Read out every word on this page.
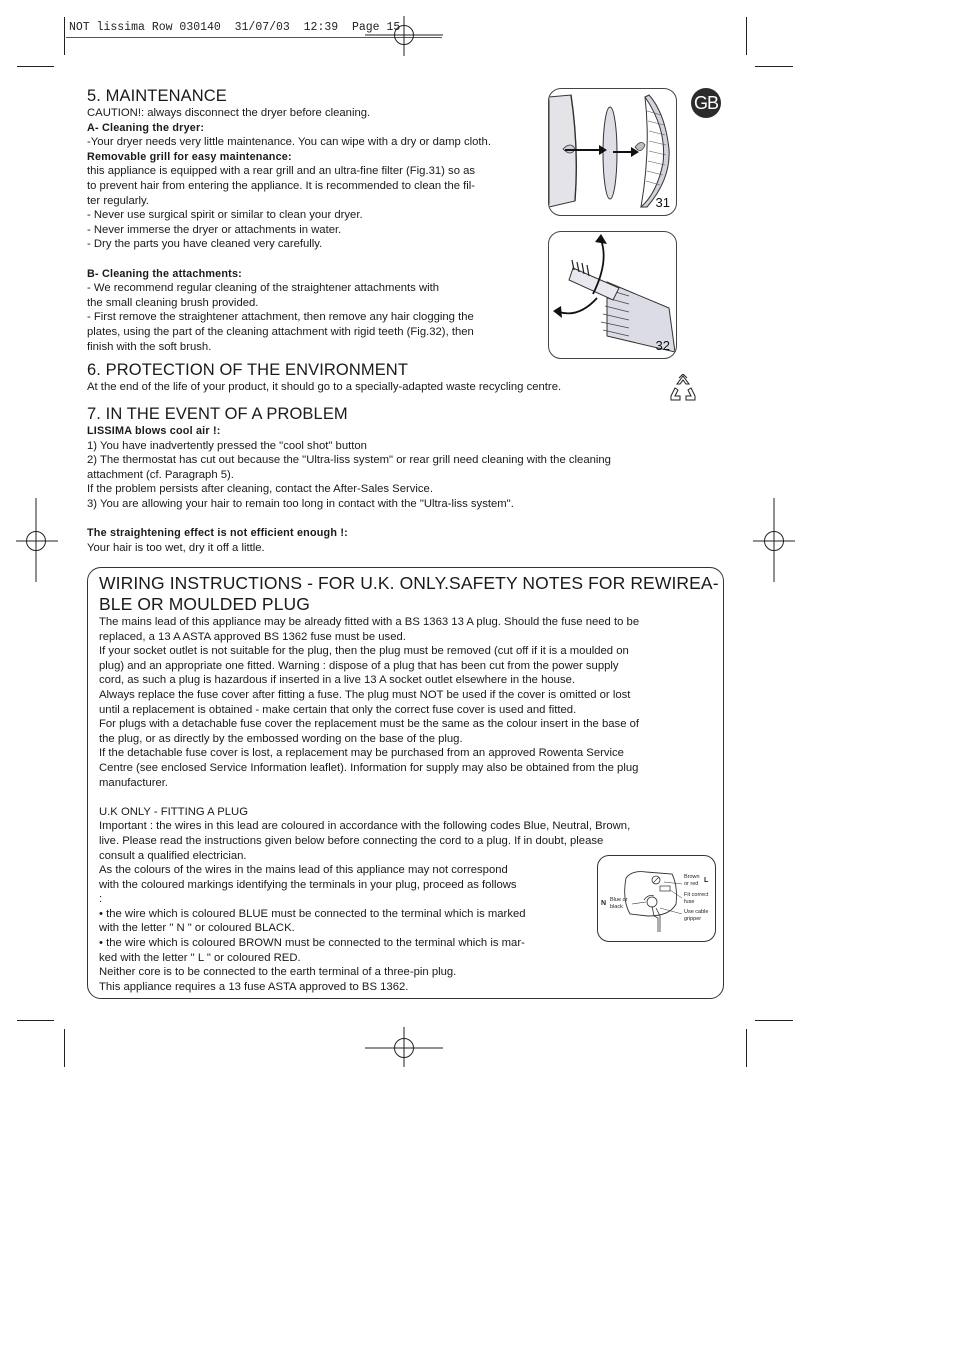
NOT lissima Row 030140  31/07/03  12:39  Page 15
GB

5. MAINTENANCE

CAUTION!: always disconnect the dryer before cleaning.

A- Cleaning the dryer:

-Your dryer needs very little maintenance. You can wipe with a dry or damp cloth.

Removable grill for easy maintenance:

this appliance is equipped with a rear grill and an ultra-fine filter (Fig.31) so as

to prevent hair from entering the appliance. It is recommended to clean the fil-

ter regularly.

- Never use surgical spirit or similar to clean your dryer.

- Never immerse the dryer or attachments in water.

- Dry the parts you have cleaned very carefully.

B- Cleaning the attachments:

- We recommend regular cleaning of the straightener attachments with

the small cleaning brush provided.

- First remove the straightener attachment, then remove any hair clogging the

plates, using the part of the cleaning attachment with rigid teeth (Fig.32), then

finish with the soft brush.

31
32

6. PROTECTION OF THE ENVIRONMENT

At the end of the life of your product, it should go to a specially-adapted waste recycling centre.

7. IN THE EVENT OF A PROBLEM

LISSIMA blows cool air !:

1) You have inadvertently pressed the "cool shot" button

2) The thermostat has cut out because the "Ultra-liss system" or rear grill need cleaning with the cleaning

attachment (cf. Paragraph 5).

If the problem persists after cleaning, contact the After-Sales Service.

3) You are allowing your hair to remain too long in contact with the "Ultra-liss system".

The straightening effect is not efficient enough !:

Your hair is too wet, dry it off a little.

WIRING INSTRUCTIONS - FOR U.K. ONLY.SAFETY NOTES FOR REWIREA-

BLE OR MOULDED PLUG

The mains lead of this appliance may be already fitted with a BS 1363 13 A plug. Should the fuse need to be

replaced, a 13 A ASTA approved BS 1362 fuse must be used.

If your socket outlet is not suitable for the plug, then the plug must be removed (cut off if it is a moulded on

plug) and an appropriate one fitted. Warning : dispose of a plug that has been cut from the power supply

cord, as such a plug is hazardous if inserted in a live 13 A socket outlet elsewhere in the house.

Always replace the fuse cover after fitting a fuse. The plug must NOT be used if the cover is omitted or lost

until a replacement is obtained - make certain that only the correct fuse cover is used and fitted.

For plugs with a detachable fuse cover the replacement must be the same as the colour insert in the base of

the plug, or as directly by the embossed wording on the base of the plug.

If the detachable fuse cover is lost, a replacement may be purchased from an approved Rowenta Service

Centre (see enclosed Service Information leaflet). Information for supply may also be obtained from the plug

manufacturer.

U.K ONLY - FITTING A PLUG

Important : the wires in this lead are coloured in accordance with the following codes Blue, Neutral, Brown,

live. Please read the instructions given below before connecting the cord to a plug. If in doubt, please

consult a qualified electrician.

As the colours of the wires in the mains lead of this appliance may not correspond

with the coloured markings identifying the terminals in your plug, proceed as follows

:

• the wire which is coloured BLUE must be connected to the terminal which is marked

with the letter " N " or coloured BLACK.

• the wire which is coloured BROWN must be connected to the terminal which is mar-

ked with the letter " L " or coloured RED.

Neither core is to be connected to the earth terminal of a three-pin plug.

This appliance requires a 13 fuse ASTA approved to BS 1362.

Brown
or red L
Fit correct
fuse
Blue or
black
N
Use cable
gripper
